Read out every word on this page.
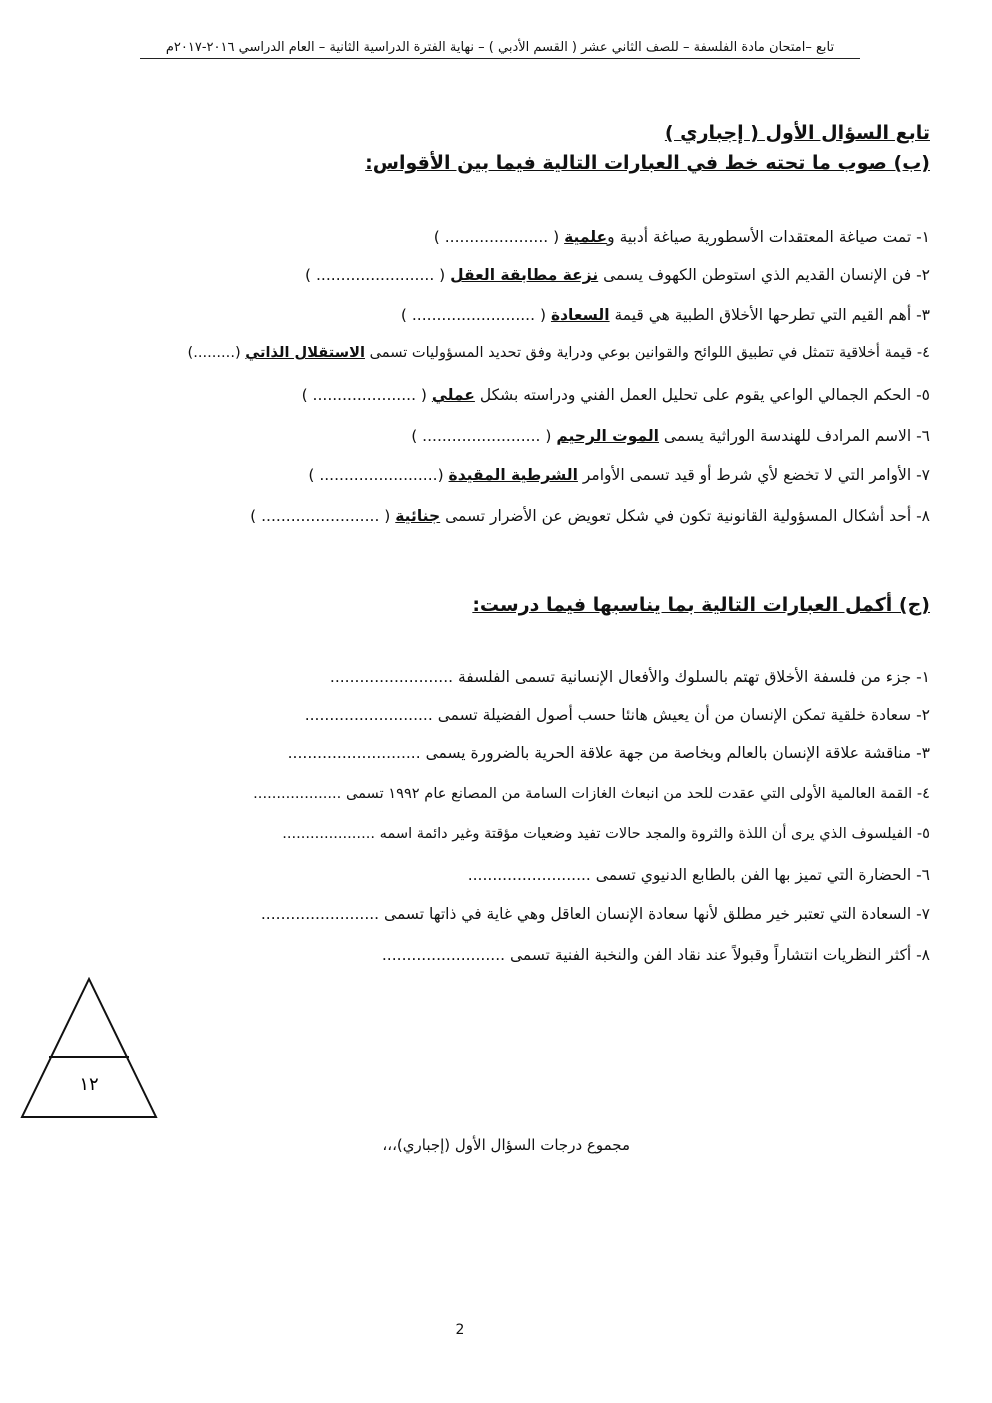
تابع –امتحان مادة الفلسفة – للصف الثاني عشر ( القسم الأدبي ) – نهاية الفترة الدراسية الثانية – العام الدراسي ٢٠١٦-٢٠١٧م
تابع السؤال الأول ( إجباري )
(ب) صوب ما تحته خط في العبارات التالية فيما بين الأقواس:
١- تمت صياغة المعتقدات الأسطورية صياغة أدبية وعلمية ( ..................... )
٢- فن الإنسان القديم الذي استوطن الكهوف يسمى نزعة مطابقة العقل ( ........................ )
٣- أهم القيم التي تطرحها الأخلاق الطبية هي قيمة السعادة ( ......................... )
٤- قيمة أخلاقية تتمثل في تطبيق اللوائح والقوانين بوعي ودراية وفق تحديد المسؤوليات تسمى الاستقلال الذاتي (.........)
٥- الحكم الجمالي الواعي يقوم على تحليل العمل الفني ودراسته بشكل عملي ( ..................... )
٦- الاسم المرادف للهندسة الوراثية يسمى الموت الرحيم ( ........................ )
٧- الأوامر التي لا تخضع لأي شرط أو قيد تسمى الأوامر الشرطية المقيدة (........................ )
٨- أحد أشكال المسؤولية القانونية تكون في شكل تعويض عن الأضرار تسمى جنائية ( ........................ )
(ج) أكمل العبارات التالية بما يناسبها فيما درست:
١- جزء من فلسفة الأخلاق تهتم بالسلوك والأفعال الإنسانية تسمى الفلسفة .........................
٢- سعادة خلقية تمكن الإنسان من أن يعيش هانئا حسب أصول الفضيلة تسمى ..........................
٣- مناقشة علاقة الإنسان بالعالم وبخاصة من جهة علاقة الحرية بالضرورة يسمى ...........................
٤- القمة العالمية الأولى التي عقدت للحد من انبعاث الغازات السامة من المصانع عام ١٩٩٢ تسمى ...................
٥- الفيلسوف الذي يرى أن اللذة والثروة والمجد حالات تفيد وضعيات مؤقتة وغير دائمة اسمه ....................
٦- الحضارة التي تميز بها الفن بالطابع الدنيوي تسمى .........................
٧- السعادة التي تعتبر خير مطلق لأنها سعادة الإنسان العاقل وهي غاية في ذاتها تسمى ........................
٨- أكثر النظريات انتشاراً وقبولاً عند نقاد الفن والنخبة الفنية تسمى .........................
١٢
مجموع درجات السؤال الأول (إجباري)،،،
2
